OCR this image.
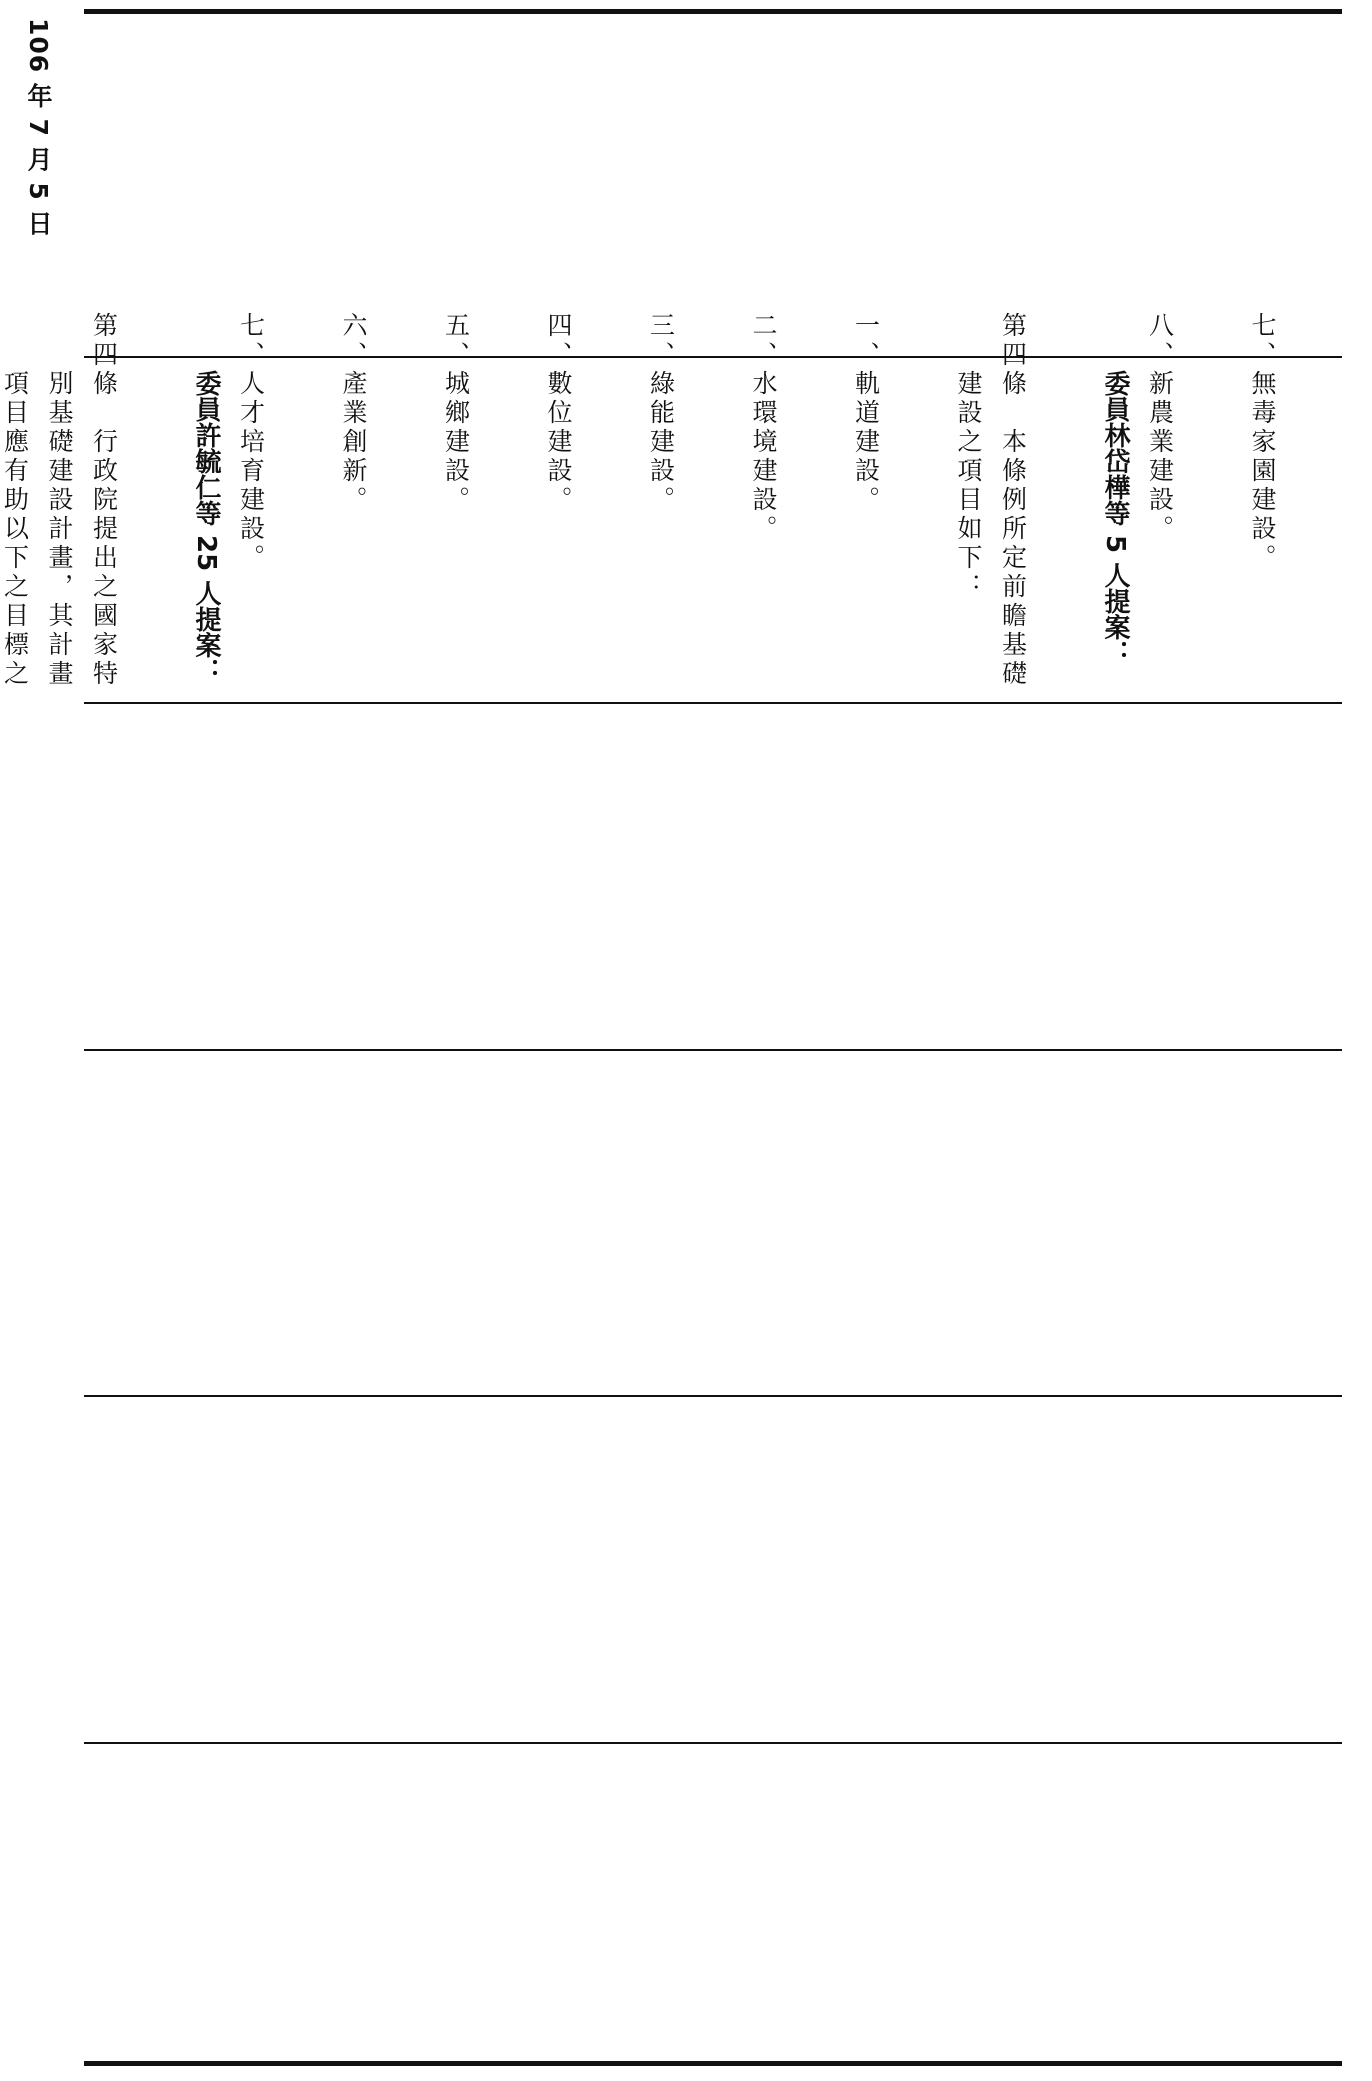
106 年 7 月 5 日

七、無毒家園建設。

八、新農業建設。

委員林岱樺等 5 人提案：

第四條　本條例所定前瞻基礎建設之項目如下：

一、軌道建設。

二、水環境建設。

三、綠能建設。

四、數位建設。

五、城鄉建設。

六、產業創新。

七、人才培育建設。

委員許毓仁等 25 人提案：

第四條　行政院提出之國家特別基礎建設計畫，其計畫項目應有助以下之目標之
